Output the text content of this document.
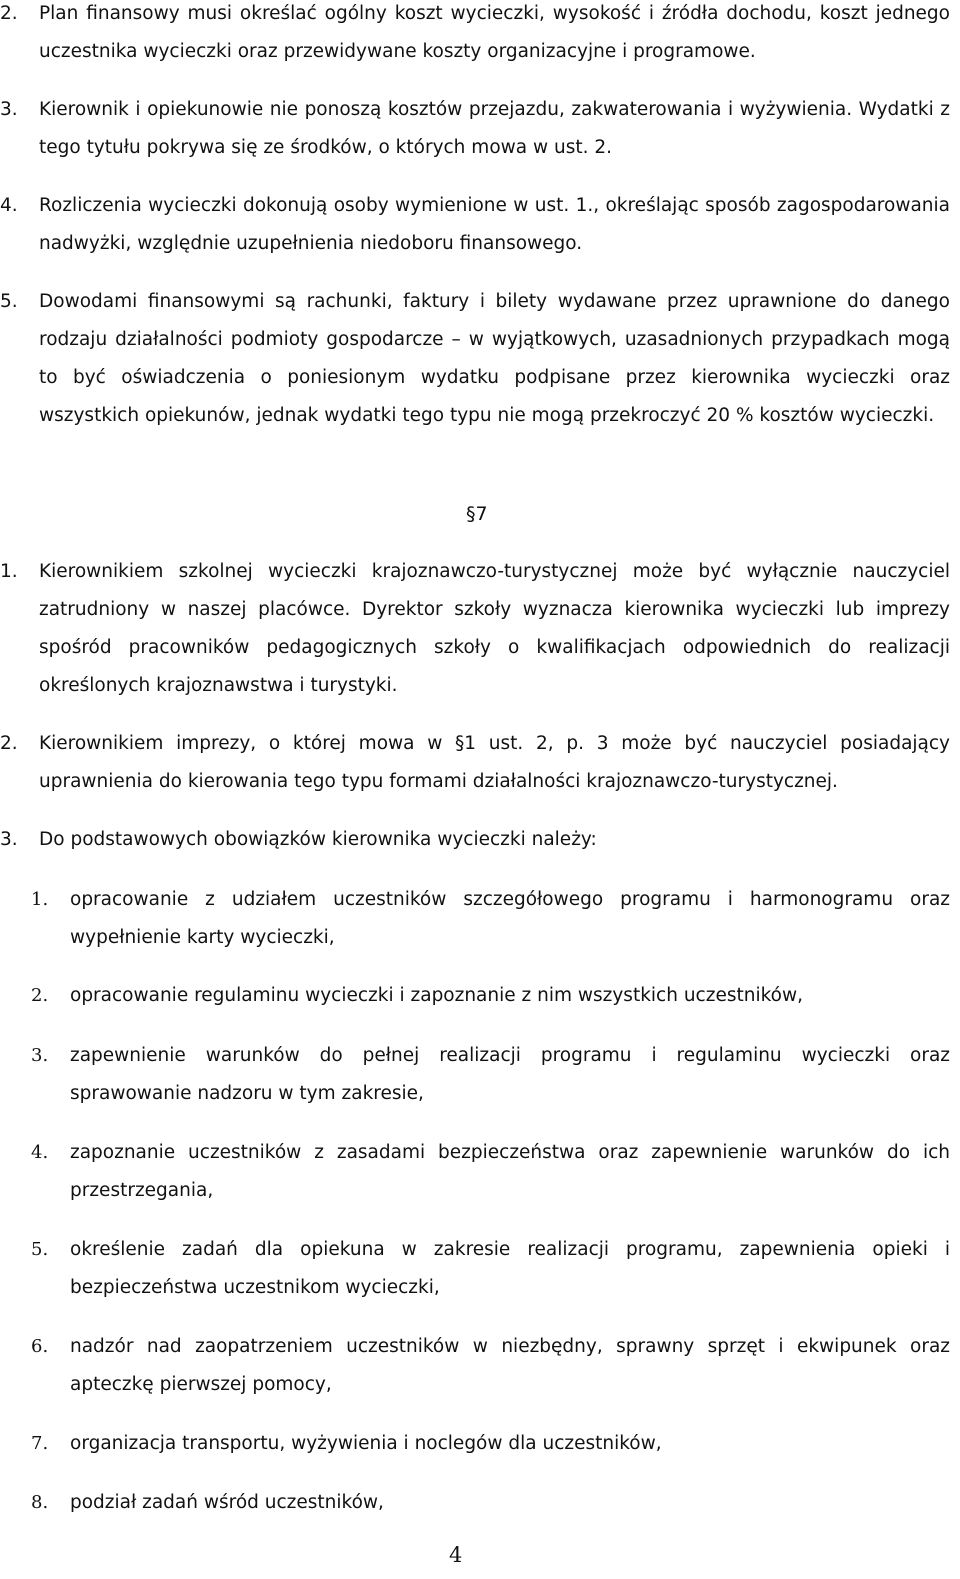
2. Plan finansowy musi określać ogólny koszt wycieczki, wysokość i źródła dochodu, koszt jednego uczestnika wycieczki oraz przewidywane koszty organizacyjne i programowe.
3. Kierownik i opiekunowie nie ponoszą kosztów przejazdu, zakwaterowania i wyżywienia. Wydatki z tego tytułu pokrywa się ze środków, o których mowa w ust. 2.
4. Rozliczenia wycieczki dokonują osoby wymienione w ust. 1., określając sposób zagospodarowania nadwyżki, względnie uzupełnienia niedoboru finansowego.
5. Dowodami finansowymi są rachunki, faktury i bilety wydawane przez uprawnione do danego rodzaju działalności podmioty gospodarcze – w wyjątkowych, uzasadnionych przypadkach mogą to być oświadczenia o poniesionym wydatku podpisane przez kierownika wycieczki oraz wszystkich opiekunów, jednak wydatki tego typu nie mogą przekroczyć 20 % kosztów wycieczki.
§7
1. Kierownikiem szkolnej wycieczki krajoznawczo-turystycznej może być wyłącznie nauczyciel zatrudniony w naszej placówce. Dyrektor szkoły wyznacza kierownika wycieczki lub imprezy spośród pracowników pedagogicznych szkoły o kwalifikacjach odpowiednich do realizacji określonych krajoznawstwa i turystyki.
2. Kierownikiem imprezy, o której mowa w §1 ust. 2, p. 3 może być nauczyciel posiadający uprawnienia do kierowania tego typu formami działalności krajoznawczo-turystycznej.
3. Do podstawowych obowiązków kierownika wycieczki należy:
1. opracowanie z udziałem uczestników szczegółowego programu i harmonogramu oraz wypełnienie karty wycieczki,
2. opracowanie regulaminu wycieczki i zapoznanie z nim wszystkich uczestników,
3. zapewnienie warunków do pełnej realizacji programu i regulaminu wycieczki oraz sprawowanie nadzoru w tym zakresie,
4. zapoznanie uczestników z zasadami bezpieczeństwa oraz zapewnienie warunków do ich przestrzegania,
5. określenie zadań dla opiekuna w zakresie realizacji programu, zapewnienia opieki i bezpieczeństwa uczestnikom wycieczki,
6. nadzór nad zaopatrzeniem uczestników w niezbędny, sprawny sprzęt i ekwipunek oraz apteczkę pierwszej pomocy,
7. organizacja transportu, wyżywienia i noclegów dla uczestników,
8. podział zadań wśród uczestników,
4
